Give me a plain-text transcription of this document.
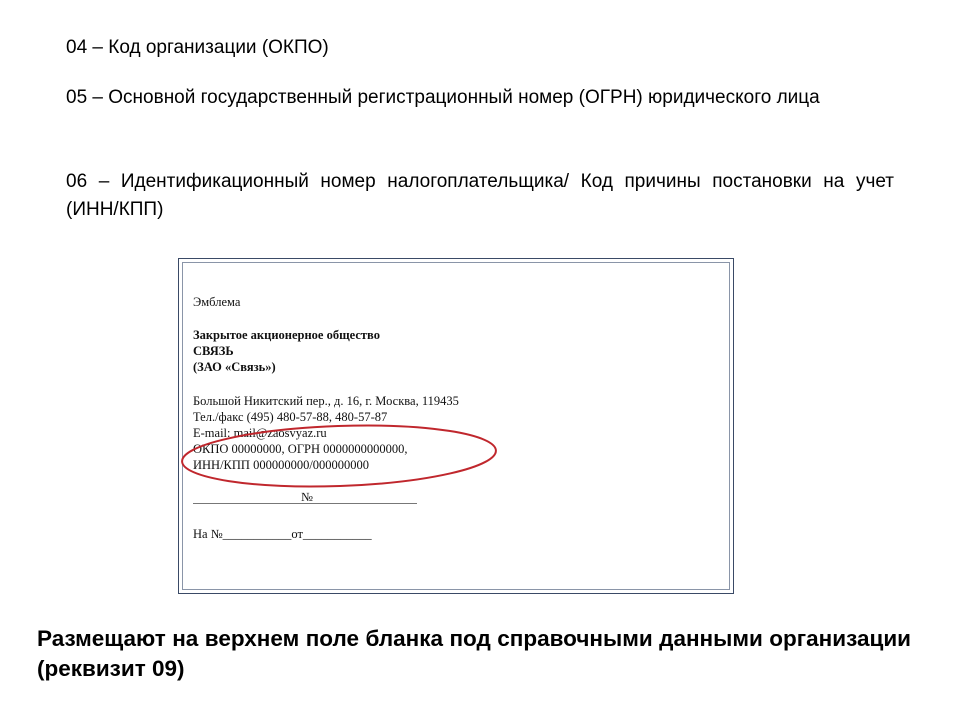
04 – Код организации (ОКПО)
05 – Основной государственный регистрационный номер (ОГРН) юридического лица
06 – Идентификационный номер налогоплательщика/ Код причины постановки на учет (ИНН/КПП)
Эмблема
Закрытое акционерное общество
СВЯЗЬ
(ЗАО «Связь»)
Большой Никитский пер., д. 16, г. Москва, 119435
Тел./факс (495) 480-57-88, 480-57-87
E-mail: mail@zaosvyaz.ru
ОКПО 00000000, ОГРН 0000000000000,
ИНН/КПП 000000000/000000000
№
На №___________от___________
Размещают на верхнем поле бланка под справочными данными организации (реквизит 09)
